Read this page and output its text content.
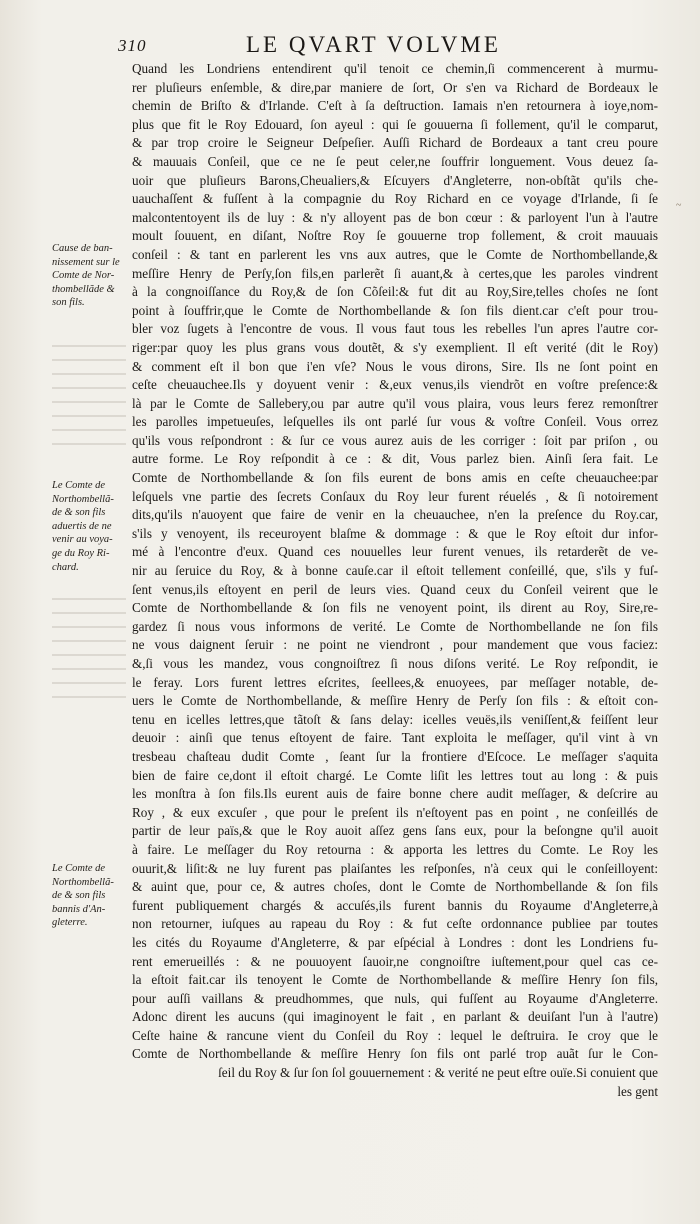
310	LE QVART VOLVME
Cause de ban-
nissement sur le
Comte de Nor-
thombellãde &
son fils.
Le Comte de
Northombellã-
de & son fils
aduertis de ne
venir au voya-
ge du Roy Ri-
chard.
Le Comte de
Northombellã-
de & son fils
bannis d'An-
gleterre.
~
Quand les Londriens entendirent qu'il tenoit ce chemin,ſi commencerent à murmu-
rer pluſieurs enſemble, & dire,par maniere de ſort, Or s'en va Richard de Bordeaux le
chemin de Briſto & d'Irlande. C'eſt à ſa deſtruction. Iamais n'en retournera à ioye,nom-
plus que fit le Roy Edouard, ſon ayeul : qui ſe gouuerna ſi follement, qu'il le comparut,
& par trop croire le Seigneur Deſpeſier. Auſſi Richard de Bordeaux a tant creu poure
& mauuais Conſeil, que ce ne ſe peut celer,ne ſouffrir longuement. Vous deuez ſa-
uoir que pluſieurs Barons,Cheualiers,& Eſcuyers d'Angleterre, non-obſtãt qu'ils che-
uauchaſſent & fuſſent à la compagnie du Roy Richard en ce voyage d'Irlande, ſi ſe
malcontentoyent ils de luy : & n'y alloyent pas de bon cœur : & parloyent l'un à l'autre
moult ſouuent, en diſant, Noſtre Roy ſe gouuerne trop follement, & croit mauuais
conſeil : & tant en parlerent les vns aux autres, que le Comte de Northombellande,&
meſſire Henry de Perſy,ſon fils,en parlerẽt ſi auant,& à certes,que les paroles vindrent
à la congnoiſſance du Roy,& de ſon Cõſeil:& fut dit au Roy,Sire,telles choſes ne ſont
point à ſouffrir,que le Comte de Northombellande & ſon fils dient.car c'eſt pour trou-
bler voz ſugets à l'encontre de vous. Il vous faut tous les rebelles l'un apres l'autre cor-
riger:par quoy les plus grans vous doutẽt, & s'y exemplient. Il eſt verité (dit le Roy)
& comment eſt il bon que i'en vſe? Nous le vous dirons, Sire. Ils ne ſont point en
ceſte cheuauchee.Ils y doyuent venir : &,eux venus,ils viendrõt en voſtre preſence:&
là par le Comte de Sallebery,ou par autre qu'il vous plaira, vous leurs ferez remonſtrer
les parolles impetueuſes, leſquelles ils ont parlé ſur vous & voſtre Conſeil. Vous orrez
qu'ils vous reſpondront : & ſur ce vous aurez auis de les corriger : ſoit par priſon , ou
autre forme. Le Roy reſpondit à ce : & dit, Vous parlez bien. Ainſi ſera fait. Le
Comte de Northombellande & ſon fils eurent de bons amis en ceſte cheuauchee:par
leſquels vne partie des ſecrets Conſaux du Roy leur furent réuelés , & ſi notoirement
dits,qu'ils n'auoyent que faire de venir en la cheuauchee, n'en la preſence du Roy.car,
s'ils y venoyent, ils receuroyent blaſme & dommage : & que le Roy eſtoit dur infor-
mé à l'encontre d'eux. Quand ces nouuelles leur furent venues, ils retarderẽt de ve-
nir au ſeruice du Roy, & à bonne cauſe.car il eſtoit tellement conſeillé, que, s'ils y fuſ-
ſent venus,ils eſtoyent en peril de leurs vies. Quand ceux du Conſeil veirent que le
Comte de Northombellande & ſon fils ne venoyent point, ils dirent au Roy, Sire,re-
gardez ſi nous vous informons de verité. Le Comte de Northombellande ne ſon fils
ne vous daignent ſeruir : ne point ne viendront , pour mandement que vous faciez:
&,ſi vous les mandez, vous congnoiſtrez ſi nous diſons verité. Le Roy reſpondit, ie
le feray. Lors furent lettres eſcrites, ſeellees,& enuoyees, par meſſager notable, de-
uers le Comte de Northombellande, & meſſire Henry de Perſy ſon fils : & eſtoit con-
tenu en icelles lettres,que tãtoſt & ſans delay: icelles veuës,ils veniſſent,& feiſſent leur
deuoir : ainſi que tenus eſtoyent de faire. Tant exploita le meſſager, qu'il vint à vn
tresbeau chaſteau dudit Comte , ſeant ſur la frontiere d'Eſcoce. Le meſſager s'aquita
bien de faire ce,dont il eſtoit chargé. Le Comte liſit les lettres tout au long : & puis
les monſtra à ſon fils.Ils eurent auis de faire bonne chere audit meſſager, & deſcrire au
Roy , & eux excuſer , que pour le preſent ils n'eſtoyent pas en point , ne conſeillés de
partir de leur païs,& que le Roy auoit aſſez gens ſans eux, pour la beſongne qu'il auoit
à faire. Le meſſager du Roy retourna : & apporta les lettres du Comte. Le Roy les
ouurit,& liſit:& ne luy furent pas plaiſantes les reſponſes, n'à ceux qui le conſeilloyent:
& auint que, pour ce, & autres choſes, dont le Comte de Northombellande & ſon fils
furent publiquement chargés & accuſés,ils furent bannis du Royaume d'Angleterre,à
non retourner, iuſques au rapeau du Roy : & fut ceſte ordonnance publiee par toutes
les cités du Royaume d'Angleterre, & par eſpécial à Londres : dont les Londriens fu-
rent emerueillés : & ne pouuoyent ſauoir,ne congnoiſtre iuſtement,pour quel cas ce-
la eſtoit fait.car ils tenoyent le Comte de Northombellande & meſſire Henry ſon fils,
pour auſſi vaillans & preudhommes, que nuls, qui fuſſent au Royaume d'Angleterre.
Adonc dirent les aucuns (qui imaginoyent le fait , en parlant & deuiſant l'un à l'autre)
Ceſte haine & rancune vient du Conſeil du Roy : lequel le deſtruira. Ie croy que le
Comte de Northombellande & meſſire Henry ſon fils ont parlé trop auãt ſur le Con-
ſeil du Roy & ſur ſon ſol gouuernement : & verité ne peut eſtre ouïe.Si conuient que
les gent
